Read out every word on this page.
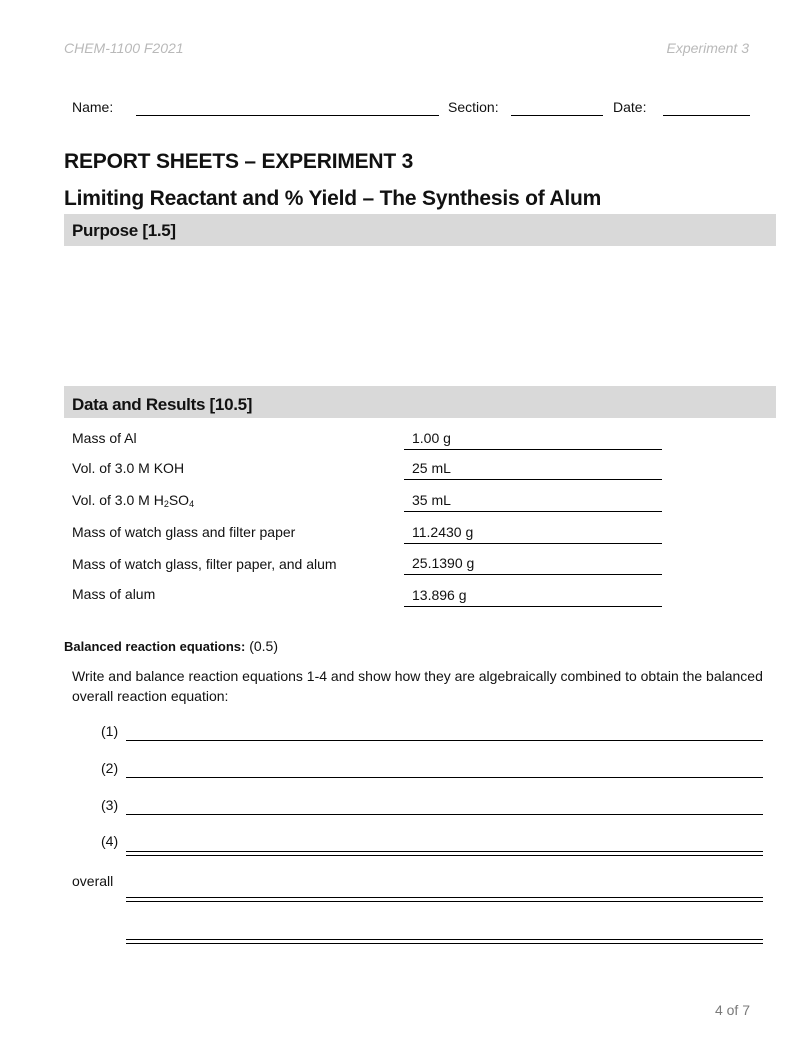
CHEM-1100 F2021	Experiment 3
Name:	Section:	Date:
REPORT SHEETS – EXPERIMENT 3
Limiting Reactant and % Yield – The Synthesis of Alum
Purpose [1.5]
Data and Results [10.5]
Mass of Al	1.00 g
Vol. of 3.0 M KOH	25 mL
Vol. of 3.0 M $H_2SO_4$	35 mL
Mass of watch glass and filter paper	11.2430 g
Mass of watch glass, filter paper, and alum	25.1390 g
Mass of alum	13.896 g
Balanced reaction equations: (0.5)
Write and balance reaction equations 1-4 and show how they are algebraically combined to obtain the balanced overall reaction equation:
(1)
(2)
(3)
(4)
overall
4 of 7
